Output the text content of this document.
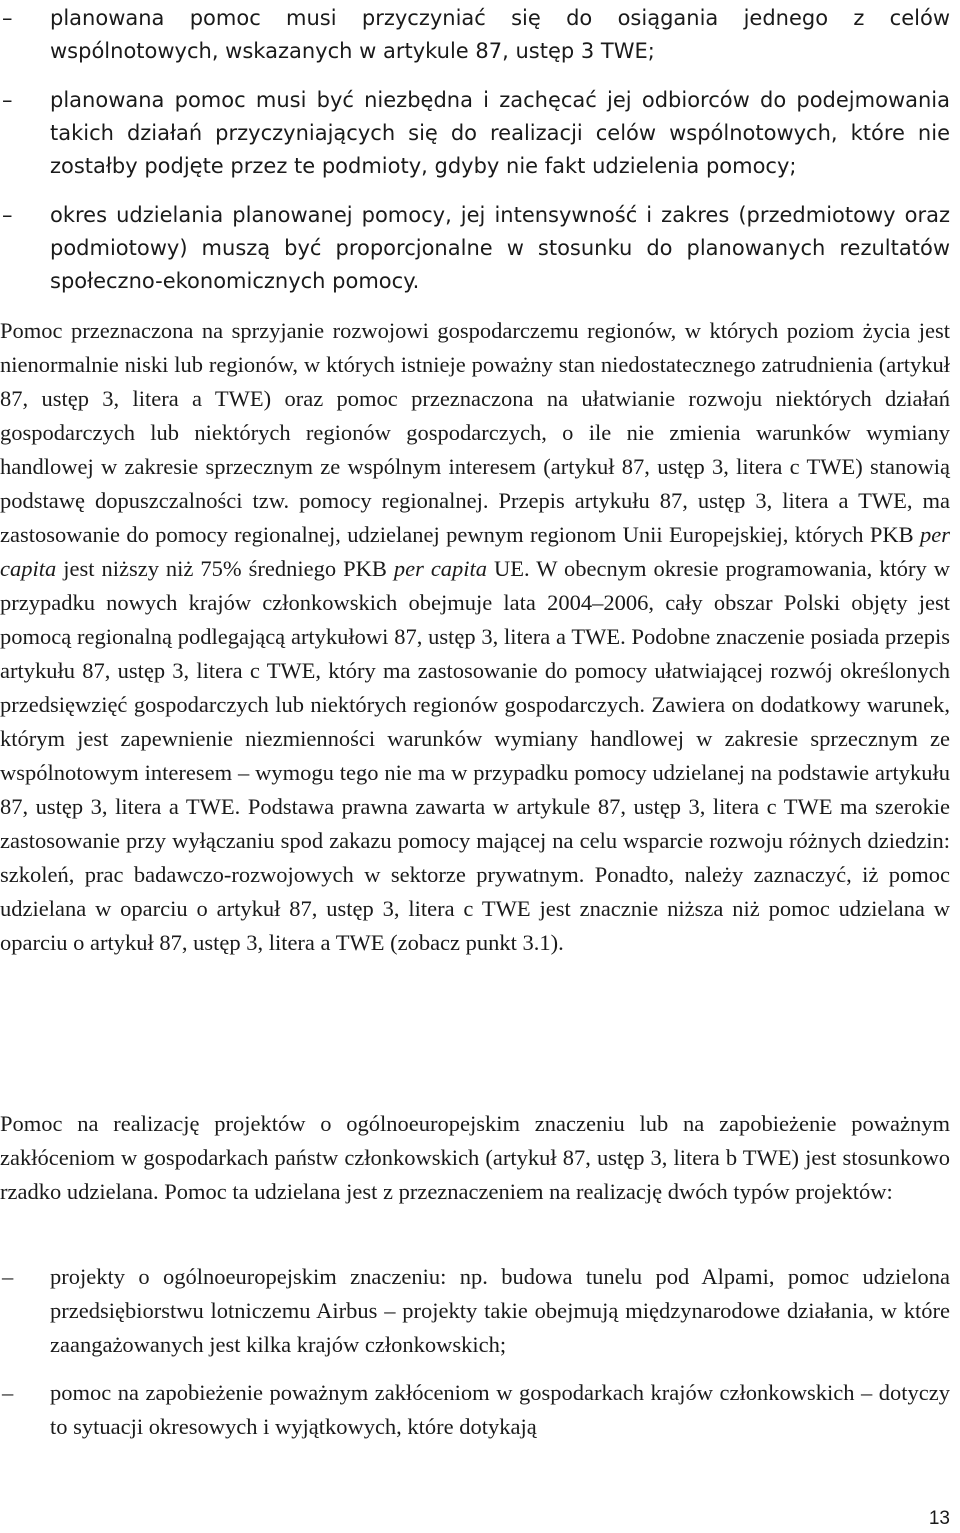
– planowana pomoc musi przyczyniać się do osiągania jednego z celów wspólnotowych, wskazanych w artykule 87, ustęp 3 TWE;
– planowana pomoc musi być niezbędna i zachęcać jej odbiorców do podejmowania takich działań przyczyniających się do realizacji celów wspólnotowych, które nie zostałby podjęte przez te podmioty, gdyby nie fakt udzielenia pomocy;
– okres udzielania planowanej pomocy, jej intensywność i zakres (przedmiotowy oraz podmiotowy) muszą być proporcjonalne w stosunku do planowanych rezultatów społeczno-ekonomicznych pomocy.

Pomoc przeznaczona na sprzyjanie rozwojowi gospodarczemu regionów, w których poziom życia jest nienormalnie niski lub regionów, w których istnieje poważny stan niedostatecznego zatrudnienia (artykuł 87, ustęp 3, litera a TWE) oraz pomoc przeznaczona na ułatwianie rozwoju niektórych działań gospodarczych lub niektórych regionów gospodarczych, o ile nie zmienia warunków wymiany handlowej w zakresie sprzecznym ze wspólnym interesem (artykuł 87, ustęp 3, litera c TWE) stanowią podstawę dopuszczalności tzw. pomocy regionalnej. Przepis artykułu 87, ustęp 3, litera a TWE, ma zastosowanie do pomocy regionalnej, udzielanej pewnym regionom Unii Europejskiej, których PKB per capita jest niższy niż 75% średniego PKB per capita UE. W obecnym okresie programowania, który w przypadku nowych krajów członkowskich obejmuje lata 2004–2006, cały obszar Polski objęty jest pomocą regionalną podlegającą artykułowi 87, ustęp 3, litera a TWE. Podobne znaczenie posiada przepis artykułu 87, ustęp 3, litera c TWE, który ma zastosowanie do pomocy ułatwiającej rozwój określonych przedsięwzięć gospodarczych lub niektórych regionów gospodarczych. Zawiera on dodatkowy warunek, którym jest zapewnienie niezmienności warunków wymiany handlowej w zakresie sprzecznym ze wspólnotowym interesem – wymogu tego nie ma w przypadku pomocy udzielanej na podstawie artykułu 87, ustęp 3, litera a TWE. Podstawa prawna zawarta w artykule 87, ustęp 3, litera c TWE ma szerokie zastosowanie przy wyłączaniu spod zakazu pomocy mającej na celu wsparcie rozwoju różnych dziedzin: szkoleń, prac badawczo-rozwojowych w sektorze prywatnym. Ponadto, należy zaznaczyć, iż pomoc udzielana w oparciu o artykuł 87, ustęp 3, litera c TWE jest znacznie niższa niż pomoc udzielana w oparciu o artykuł 87, ustęp 3, litera a TWE (zobacz punkt 3.1).

Pomoc na realizację projektów o ogólnoeuropejskim znaczeniu lub na zapobieżenie poważnym zakłóceniom w gospodarkach państw członkowskich (artykuł 87, ustęp 3, litera b TWE) jest stosunkowo rzadko udzielana. Pomoc ta udzielana jest z przeznaczeniem na realizację dwóch typów projektów:

– projekty o ogólnoeuropejskim znaczeniu: np. budowa tunelu pod Alpami, pomoc udzielona przedsiębiorstwu lotniczemu Airbus – projekty takie obejmują międzynarodowe działania, w które zaangażowanych jest kilka krajów członkowskich;
– pomoc na zapobieżenie poważnym zakłóceniom w gospodarkach krajów członkowskich – dotyczy to sytuacji okresowych i wyjątkowych, które dotykają
13
